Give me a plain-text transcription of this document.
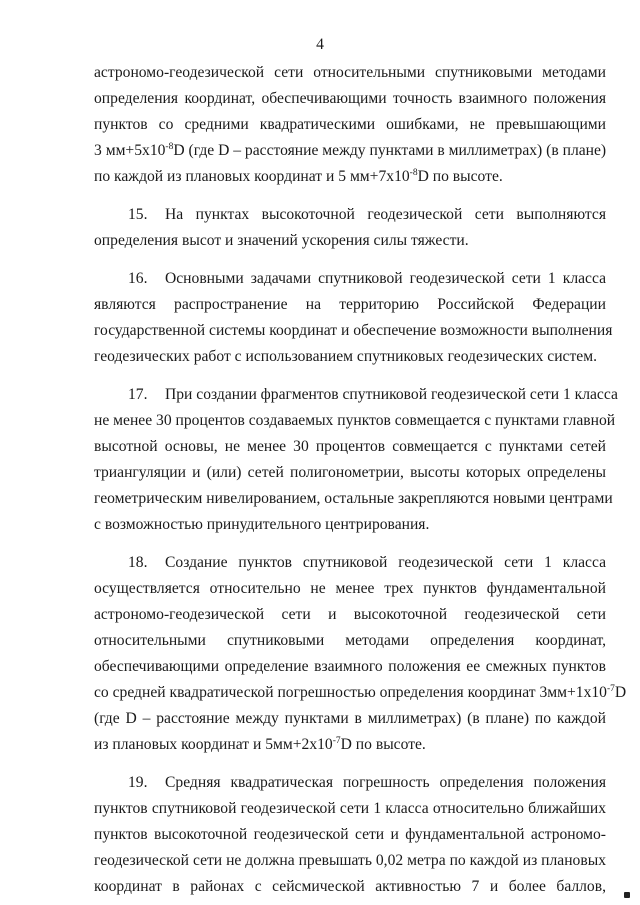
4
астрономо-геодезической сети относительными спутниковыми методами
определения координат, обеспечивающими точность взаимного положения
пунктов со средними квадратическими ошибками, не превышающими
3 $мм+5х10^{-8}D$ (где D – расстояние между пунктами в миллиметрах) (в плане)
по каждой из плановых координат и 5 $мм+7х10^{-8}D$ по высоте.
15. На пунктах высокоточной геодезической сети выполняются
определения высот и значений ускорения силы тяжести.
16. Основными задачами спутниковой геодезической сети 1 класса
являются распространение на территорию Российской Федерации
государственной системы координат и обеспечение возможности выполнения
геодезических работ с использованием спутниковых геодезических систем.
17. При создании фрагментов спутниковой геодезической сети 1 класса
не менее 30 процентов создаваемых пунктов совмещается с пунктами главной
высотной основы, не менее 30 процентов совмещается с пунктами сетей
триангуляции и (или) сетей полигонометрии, высоты которых определены
геометрическим нивелированием, остальные закрепляются новыми центрами
с возможностью принудительного центрирования.
18. Создание пунктов спутниковой геодезической сети 1 класса
осуществляется относительно не менее трех пунктов фундаментальной
астрономо-геодезической сети и высокоточной геодезической сети
относительными спутниковыми методами определения координат,
обеспечивающими определение взаимного положения ее смежных пунктов
со средней квадратической погрешностью определения координат $3мм+1х10^{-7}D$
(где D – расстояние между пунктами в миллиметрах) (в плане) по каждой
из плановых координат и $5мм+2х10^{-7}D$ по высоте.
19. Средняя квадратическая погрешность определения положения
пунктов спутниковой геодезической сети 1 класса относительно ближайших
пунктов высокоточной геодезической сети и фундаментальной астрономо-
геодезической сети не должна превышать 0,02 метра по каждой из плановых
координат в районах с сейсмической активностью 7 и более баллов,
